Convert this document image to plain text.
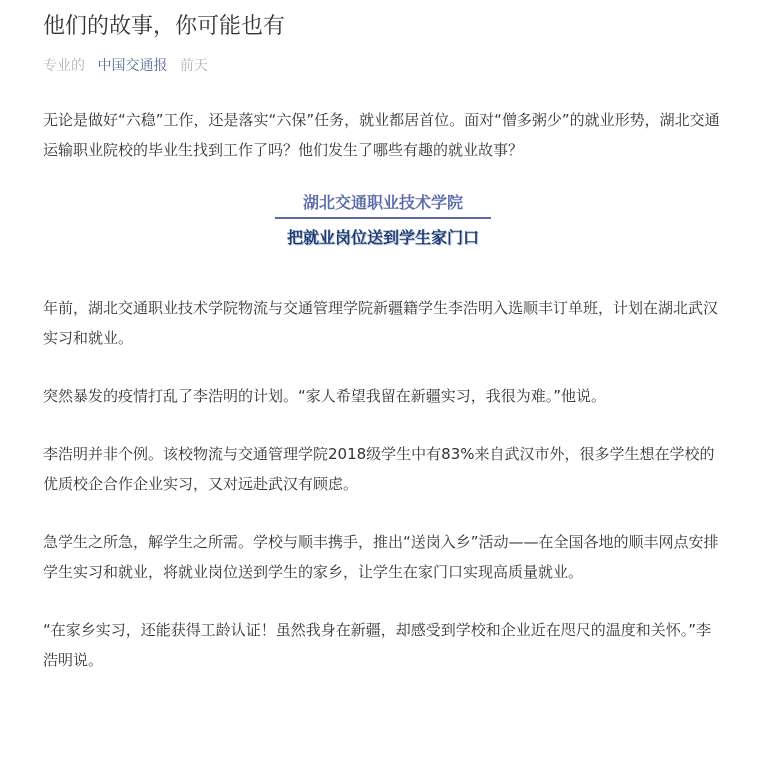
他们的故事，你可能也有
专业的 中国交通报 前天

无论是做好“六稳”工作，还是落实“六保”任务，就业都居首位。面对“僧多粥少”的就业形势，湖北交通运输职业院校的毕业生找到工作了吗？他们发生了哪些有趣的就业故事？

湖北交通职业技术学院
把就业岗位送到学生家门口

年前，湖北交通职业技术学院物流与交通管理学院新疆籍学生李浩明入选顺丰订单班，计划在湖北武汉实习和就业。

突然暴发的疫情打乱了李浩明的计划。“家人希望我留在新疆实习，我很为难。”他说。

李浩明并非个例。该校物流与交通管理学院2018级学生中有83%来自武汉市外，很多学生想在学校的优质校企合作企业实习，又对远赴武汉有顾虑。

急学生之所急，解学生之所需。学校与顺丰携手，推出“送岗入乡”活动——在全国各地的顺丰网点安排学生实习和就业，将就业岗位送到学生的家乡，让学生在家门口实现高质量就业。

“在家乡实习，还能获得工龄认证！虽然我身在新疆，却感受到学校和企业近在咫尺的温度和关怀。”李浩明说。
